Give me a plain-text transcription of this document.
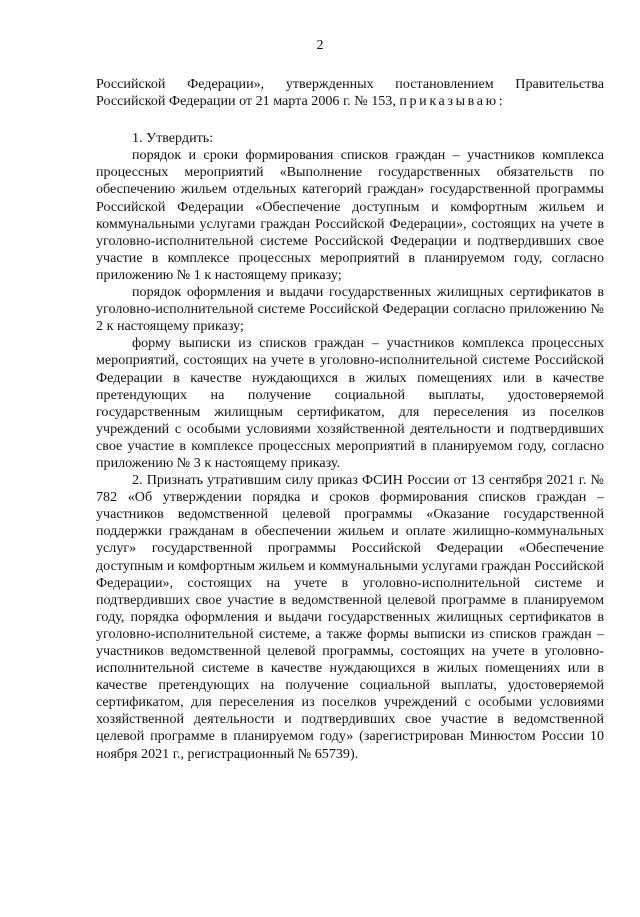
2

Российской Федерации», утвержденных постановлением Правительства Российской Федерации от 21 марта 2006 г. № 153, приказываю:

1. Утвердить:

порядок и сроки формирования списков граждан – участников комплекса процессных мероприятий «Выполнение государственных обязательств по обеспечению жильем отдельных категорий граждан» государственной программы Российской Федерации «Обеспечение доступным и комфортным жильем и коммунальными услугами граждан Российской Федерации», состоящих на учете в уголовно-исполнительной системе Российской Федерации и подтвердивших свое участие в комплексе процессных мероприятий в планируемом году, согласно приложению № 1 к настоящему приказу;

порядок оформления и выдачи государственных жилищных сертификатов в уголовно-исполнительной системе Российской Федерации согласно приложению № 2 к настоящему приказу;

форму выписки из списков граждан – участников комплекса процессных мероприятий, состоящих на учете в уголовно-исполнительной системе Российской Федерации в качестве нуждающихся в жилых помещениях или в качестве претендующих на получение социальной выплаты, удостоверяемой государственным жилищным сертификатом, для переселения из поселков учреждений с особыми условиями хозяйственной деятельности и подтвердивших свое участие в комплексе процессных мероприятий в планируемом году, согласно приложению № 3 к настоящему приказу.

2. Признать утратившим силу приказ ФСИН России от 13 сентября 2021 г. № 782 «Об утверждении порядка и сроков формирования списков граждан – участников ведомственной целевой программы «Оказание государственной поддержки гражданам в обеспечении жильем и оплате жилищно-коммунальных услуг» государственной программы Российской Федерации «Обеспечение доступным и комфортным жильем и коммунальными услугами граждан Российской Федерации», состоящих на учете в уголовно-исполнительной системе и подтвердивших свое участие в ведомственной целевой программе в планируемом году, порядка оформления и выдачи государственных жилищных сертификатов в уголовно-исполнительной системе, а также формы выписки из списков граждан – участников ведомственной целевой программы, состоящих на учете в уголовно-исполнительной системе в качестве нуждающихся в жилых помещениях или в качестве претендующих на получение социальной выплаты, удостоверяемой сертификатом, для переселения из поселков учреждений с особыми условиями хозяйственной деятельности и подтвердивших свое участие в ведомственной целевой программе в планируемом году» (зарегистрирован Минюстом России 10 ноября 2021 г., регистрационный № 65739).
